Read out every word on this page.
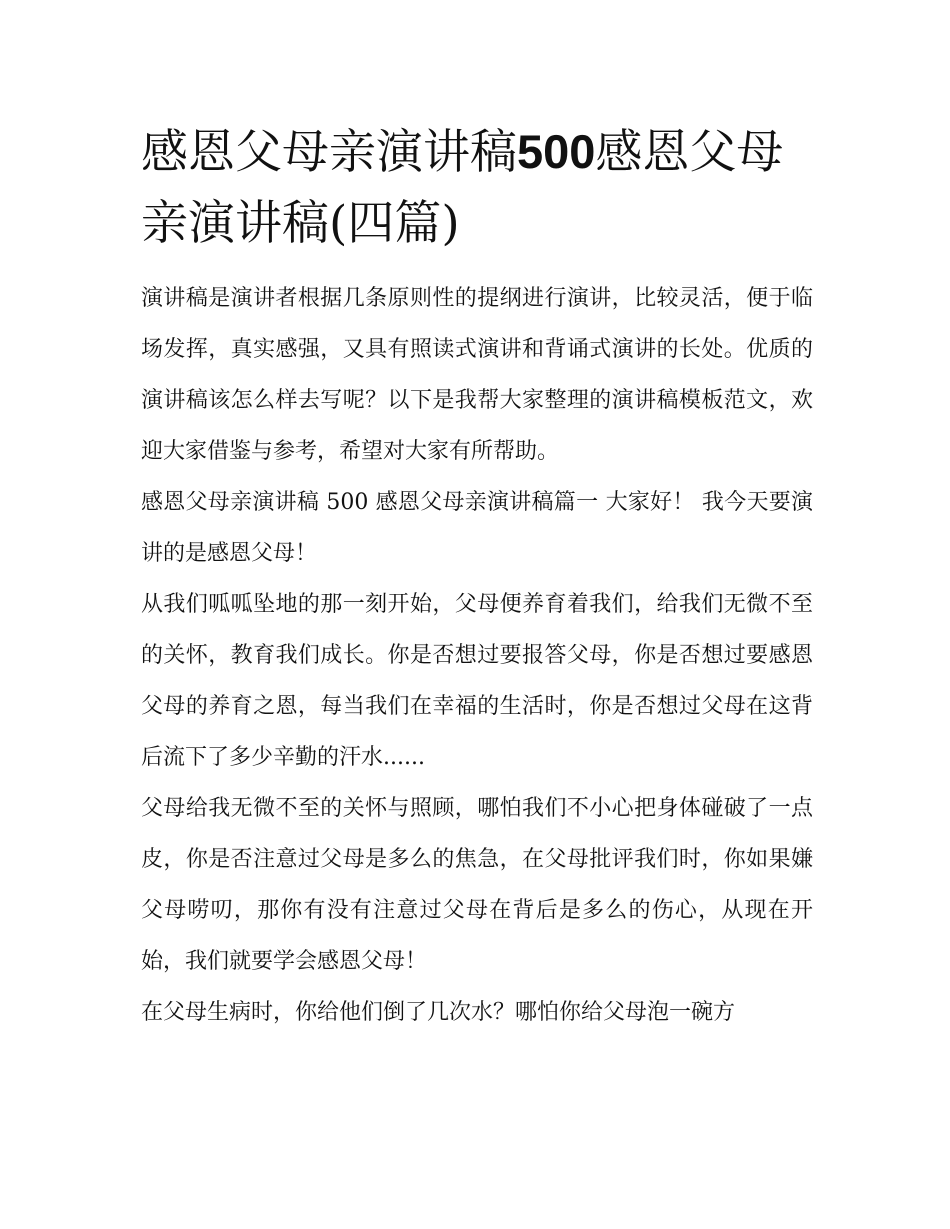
感恩父母亲演讲稿500感恩父母亲演讲稿(四篇)

演讲稿是演讲者根据几条原则性的提纲进行演讲，比较灵活，便于临场发挥，真实感强，又具有照读式演讲和背诵式演讲的长处。优质的演讲稿该怎么样去写呢？以下是我帮大家整理的演讲稿模板范文，欢迎大家借鉴与参考，希望对大家有所帮助。

感恩父母亲演讲稿 500 感恩父母亲演讲稿篇一 大家好！ 我今天要演讲的是感恩父母！

从我们呱呱坠地的那一刻开始，父母便养育着我们，给我们无微不至的关怀，教育我们成长。你是否想过要报答父母，你是否想过要感恩父母的养育之恩，每当我们在幸福的生活时，你是否想过父母在这背后流下了多少辛勤的汗水......

父母给我无微不至的关怀与照顾，哪怕我们不小心把身体碰破了一点皮，你是否注意过父母是多么的焦急，在父母批评我们时，你如果嫌父母唠叨，那你有没有注意过父母在背后是多么的伤心，从现在开始，我们就要学会感恩父母！

在父母生病时，你给他们倒了几次水？哪怕你给父母泡一碗方
